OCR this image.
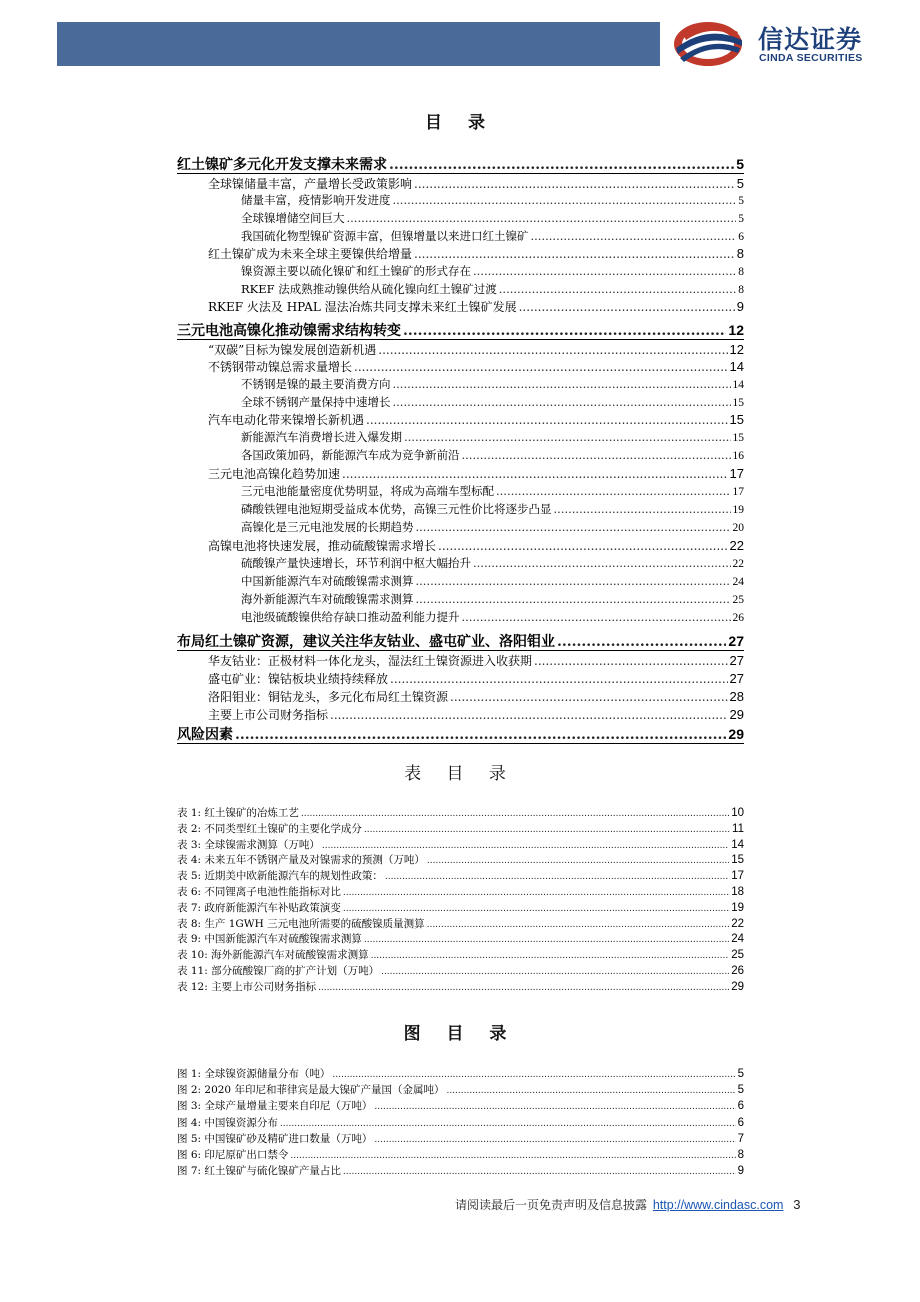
信达证券
CINDA SECURITIES
目 录
红土镍矿多元化开发支撑未来需求 .....	5
全球镍储量丰富，产量增长受政策影响 .....	5
储量丰富，疫情影响开发进度 .....	5
全球镍增储空间巨大 .....	5
我国硫化物型镍矿资源丰富，但镍增量以来进口红土镍矿 .....	6
红土镍矿成为未来全球主要镍供给增量 .....	8
镍资源主要以硫化镍矿和红土镍矿的形式存在 .....	8
RKEF 法成熟推动镍供给从硫化镍向红土镍矿过渡 .....	8
RKEF 火法及 HPAL 湿法冶炼共同支撑未来红土镍矿发展 .....	9
三元电池高镍化推动镍需求结构转变 .....	12
“双碳”目标为镍发展创造新机遇 .....	12
不锈钢带动镍总需求量增长 .....	14
不锈钢是镍的最主要消费方向 .....	14
全球不锈钢产量保持中速增长 .....	15
汽车电动化带来镍增长新机遇 .....	15
新能源汽车消费增长进入爆发期 .....	15
各国政策加码，新能源汽车成为竞争新前沿 .....	16
三元电池高镍化趋势加速 .....	17
三元电池能量密度优势明显，将成为高端车型标配 .....	17
磷酸铁锂电池短期受益成本优势，高镍三元性价比将逐步凸显 .....	19
高镍化是三元电池发展的长期趋势 .....	20
高镍电池将快速发展，推动硫酸镍需求增长 .....	22
硫酸镍产量快速增长，环节利润中枢大幅抬升 .....	22
中国新能源汽车对硫酸镍需求测算 .....	24
海外新能源汽车对硫酸镍需求测算 .....	25
电池级硫酸镍供给存缺口推动盈利能力提升 .....	26
布局红土镍矿资源，建议关注华友钴业、盛屯矿业、洛阳钼业 .....	27
华友钴业：正极材料一体化龙头，湿法红土镍资源进入收获期 .....	27
盛屯矿业：镍钴板块业绩持续释放 .....	27
洛阳钼业：铜钴龙头，多元化布局红土镍资源 .....	28
主要上市公司财务指标 .....	29
风险因素 .....	29
表 目 录
表 1: 红土镍矿的冶炼工艺 .....	10
表 2: 不同类型红土镍矿的主要化学成分 .....	11
表 3: 全球镍需求测算（万吨） .....	14
表 4: 未来五年不锈钢产量及对镍需求的预测（万吨） .....	15
表 5: 近期美中欧新能源汽车的规划性政策： .....	17
表 6: 不同锂离子电池性能指标对比 .....	18
表 7: 政府新能源汽车补贴政策演变 .....	19
表 8: 生产 1GWH 三元电池所需要的硫酸镍质量测算 .....	22
表 9: 中国新能源汽车对硫酸镍需求测算 .....	24
表 10: 海外新能源汽车对硫酸镍需求测算 .....	25
表 11: 部分硫酸镍厂商的扩产计划（万吨） .....	26
表 12: 主要上市公司财务指标 .....	29
图 目 录
图 1: 全球镍资源储量分布（吨） .....	5
图 2: 2020 年印尼和菲律宾是最大镍矿产量国（金属吨） .....	5
图 3: 全球产量增量主要来自印尼（万吨） .....	6
图 4: 中国镍资源分布 .....	6
图 5: 中国镍矿砂及精矿进口数量（万吨） .....	7
图 6: 印尼原矿出口禁令 .....	8
图 7: 红土镍矿与硫化镍矿产量占比 .....	9
请阅读最后一页免责声明及信息披露 http://www.cindasc.com 3
